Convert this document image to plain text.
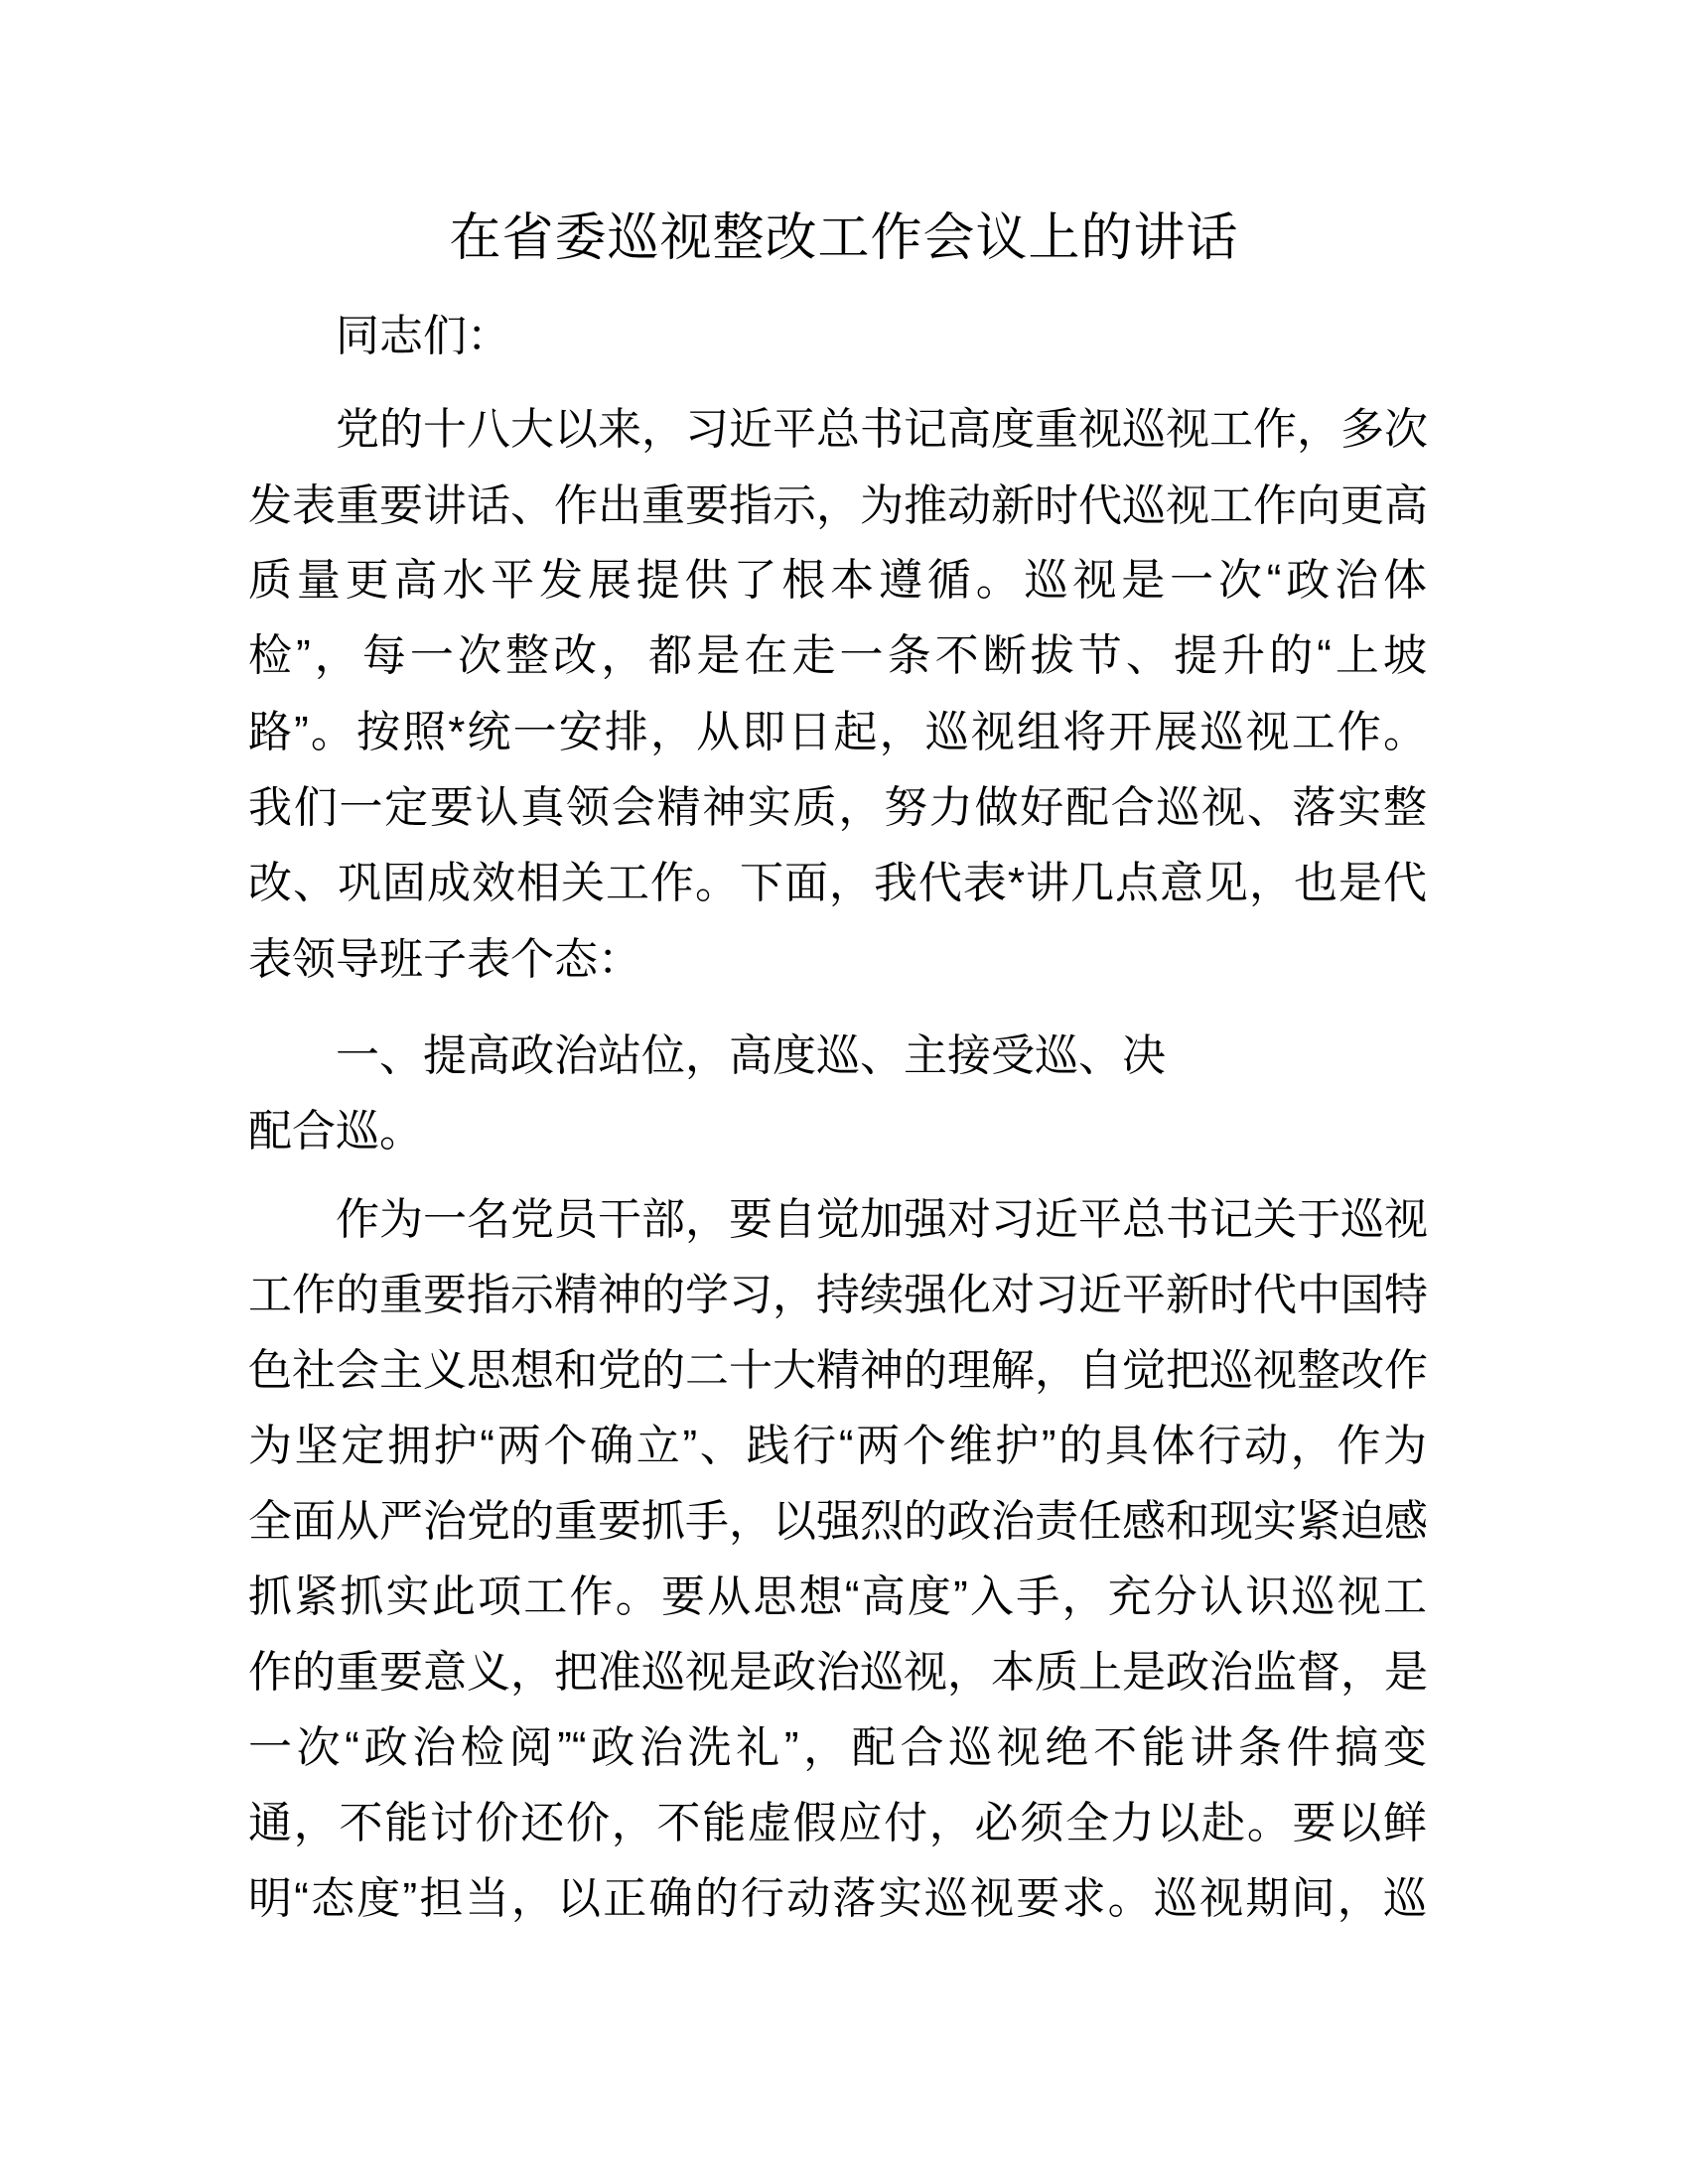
在省委巡视整改工作会议上的讲话
同志们：
党的十八大以来，习近平总书记高度重视巡视工作，多次
发表重要讲话、作出重要指示，为推动新时代巡视工作向更高
质量更高水平发展提供了根本遵循。巡视是一次“政治体
检”，每一次整改，都是在走一条不断拔节、提升的“上坡
路”。按照*统一安排，从即日起，巡视组将开展巡视工作。
我们一定要认真领会精神实质，努力做好配合巡视、落实整
改、巩固成效相关工作。下面，我代表*讲几点意见，也是代
表领导班子表个态：
一、提高政治站位，高度巡、主接受巡、决
配合巡。
作为一名党员干部，要自觉加强对习近平总书记关于巡视
工作的重要指示精神的学习，持续强化对习近平新时代中国特
色社会主义思想和党的二十大精神的理解，自觉把巡视整改作
为坚定拥护“两个确立”、践行“两个维护”的具体行动，作为
全面从严治党的重要抓手，以强烈的政治责任感和现实紧迫感
抓紧抓实此项工作。要从思想“高度”入手，充分认识巡视工
作的重要意义，把准巡视是政治巡视，本质上是政治监督，是
一次“政治检阅”“政治洗礼”，配合巡视绝不能讲条件搞变
通，不能讨价还价，不能虚假应付，必须全力以赴。要以鲜
明“态度”担当，以正确的行动落实巡视要求。巡视期间，巡
